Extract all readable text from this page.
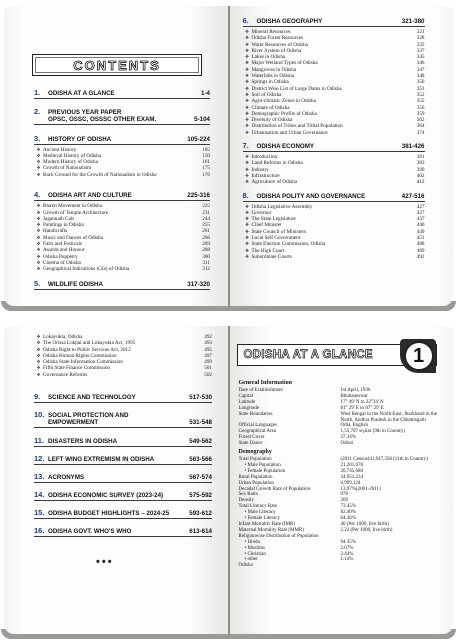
CONTENTS
1.	ODISHA AT A GLANCE	1-4
2.	PREVIOUS YEAR PAPER
OPSC, OSSC, OSSSC OTHER EXAM.	5-104
3.	HISTORY OF ODISHA	105-224
❖ Ancient History	105
❖ Medieval History of Odisha	150
❖ Modern History of Odisha	161
❖ Growth of Nationalism	175
❖ Back Ground for the Growth of Nationalism in Odisha	176
4.	ODISHA ART AND CULTURE	225-316
❖ Bhakti Movement in Odisha	225
❖ Growth of Temple Architecture	231
❖ Jagannath Cult	244
❖ Paintings in Odisha	255
❖ Handicrafts	261
❖ Music and Dances of Odisha	266
❖ Fairs and Festivals	269
❖ Awards and Honour	288
❖ Odisha Puppetry	300
❖ Cinema of Odisha	311
❖ Geographical Indications (GIs) of Odisha	312
5.	WILDLIFE ODISHA	317-320
6.	ODISHA GEOGRAPHY	321-380
❖ Mineral Resources	321
❖ Odisha Forest Resources	328
❖ Water Resources of Odisha	335
❖ River System of Odisha	337
❖ Lakes in Odisha	345
❖ Major Wetland Types of Odisha	346
❖ Mangroves in Odisha	347
❖ Waterfalls in Odisha	348
❖ Springs in Odisha	350
❖ District Wise List of Large Dams in Odisha	351
❖ Soil of Odisha	352
❖ Agro-climatic Zones in Odisha	355
❖ Climate of Odisha	356
❖ Demographic Profile of Odisha	359
❖ Diversity of Odisha	362
❖ Distribution of Tribes and Tribal Population	364
❖ Urbanisation and Urban Governance	374
7.	ODISHA ECONOMY	381-426
❖ Introduction	381
❖ Land Reforms in Odisha	383
❖ Industry	390
❖ Infrastructure	402
❖ Agriculture of Odisha	412
8.	ODISHA POLITY AND GOVERNANCE	427-516
❖ Odisha Legislative Assembly	427
❖ Governor	427
❖ The State Legislature	437
❖ Chief Minister	446
❖ State Council of Ministers	449
❖ Local Self Government	451
❖ State Election Commission, Odisha	488
❖ The High Court	489
❖ Subordinate Courts	492
❖ Lokayukta, Odisha	492
❖ The Orissa Lokpal and Lokayukta Act, 1995	493
❖ Odisha Right to Public Services Act, 2012	495
❖ Odisha Human Rights Commission	497
❖ Odisha State Information Commission	499
❖ Fifth State Finance Commission	501
❖ Governance Reforms	502
9.	SCIENCE AND TECHNOLOGY	517-530
10. SOCIAL PROTECTION AND
EMPOWERMENT	531-548
11. DISASTERS IN ODISHA	549-562
12. LEFT WING EXTREMISM IN ODISHA	563-566
13. ACRONYMS	567-574
14. ODISHA ECONOMIC SURVEY (2023-24)	575-592
15. ODISHA BUDGET HIGHLIGHTS – 2024-25	593-612
16. ODISHA GOVT. WHO'S WHO	613-614
•••
ODISHA AT A GLANCE	1
General Information
Date of Establishment	1st April, 1936
Capital	Bhubaneswar
Latitude	17° 49' N to 22°34' N
Longitude	81° 29' E to 87° 29' E
State Boundaries	West Bengal in the North-East, Jharkhand in the North, Andhra Pradesh in the Chhattisgarh
Official Languages	Odia, English
Geographical Area	1,55,707 sq.km (9th in Country)
Forest Cover	37.34%
State Dance	Odissi
Demography
Total Population	(2011 Census)41,947,358 (11th in Country)
• Male Population	21,201,678
• Female Population	20,745,680
Rural Population	34,951,234
Urban Population	6,999,124
Decadal Growth Rate of Population	13.97%(2001-2011)
Sex Ratio	978
Density	269
Total Literacy Rate	73.45%
• Male Literacy	82.40%
• Female Literacy	64.36%
Infant Mortality Rate (IMR)	40 (Per 1000, live birth)
Maternal Mortality Rate (MMR)	2.22 (Per 1000, live birth)
Religionwise Distribution of Population
• Hindu	94.35%
• Muslims	2.07%
• Christian	2.44%
• other	1.14%
Odisha
